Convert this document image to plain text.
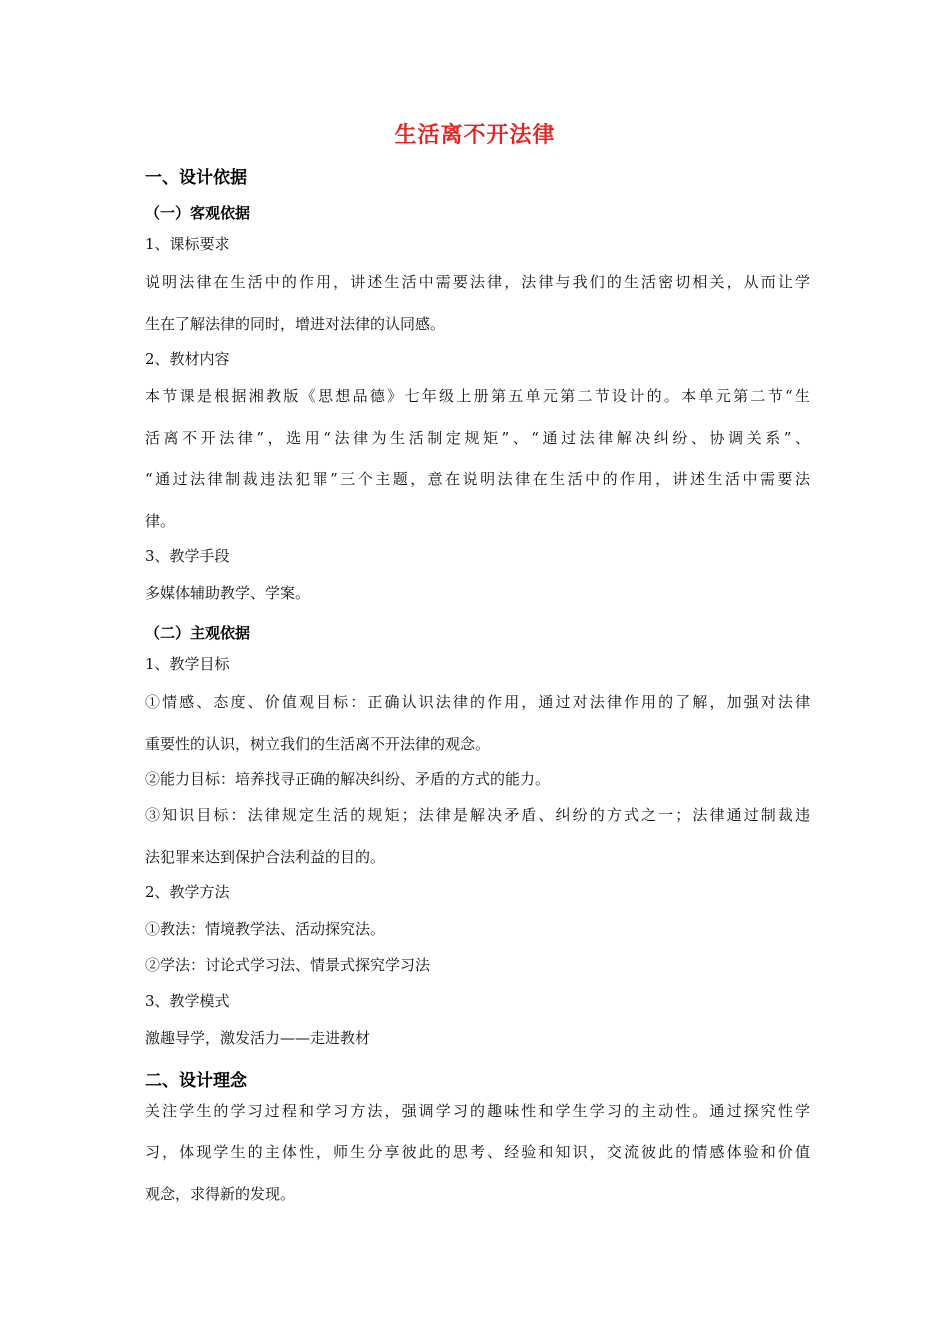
生活离不开法律
一、设计依据
（一）客观依据
1、课标要求
说明法律在生活中的作用，讲述生活中需要法律，法律与我们的生活密切相关，从而让学
生在了解法律的同时，增进对法律的认同感。
2、教材内容
本节课是根据湘教版《思想品德》七年级上册第五单元第二节设计的。本单元第二节“生
活离不开法律”，选用“法律为生活制定规矩”、“通过法律解决纠纷、协调关系”、
“通过法律制裁违法犯罪”三个主题，意在说明法律在生活中的作用，讲述生活中需要法
律。
3、教学手段
多媒体辅助教学、学案。
（二）主观依据
1、教学目标
①情感、态度、价值观目标：正确认识法律的作用，通过对法律作用的了解，加强对法律
重要性的认识，树立我们的生活离不开法律的观念。
②能力目标：培养找寻正确的解决纠纷、矛盾的方式的能力。
③知识目标：法律规定生活的规矩；法律是解决矛盾、纠纷的方式之一；法律通过制裁违
法犯罪来达到保护合法利益的目的。
2、教学方法
①教法：情境教学法、活动探究法。
②学法：讨论式学习法、情景式探究学习法
3、教学模式
激趣导学，激发活力——走进教材
二、设计理念
关注学生的学习过程和学习方法，强调学习的趣味性和学生学习的主动性。通过探究性学
习，体现学生的主体性，师生分享彼此的思考、经验和知识，交流彼此的情感体验和价值
观念，求得新的发现。
